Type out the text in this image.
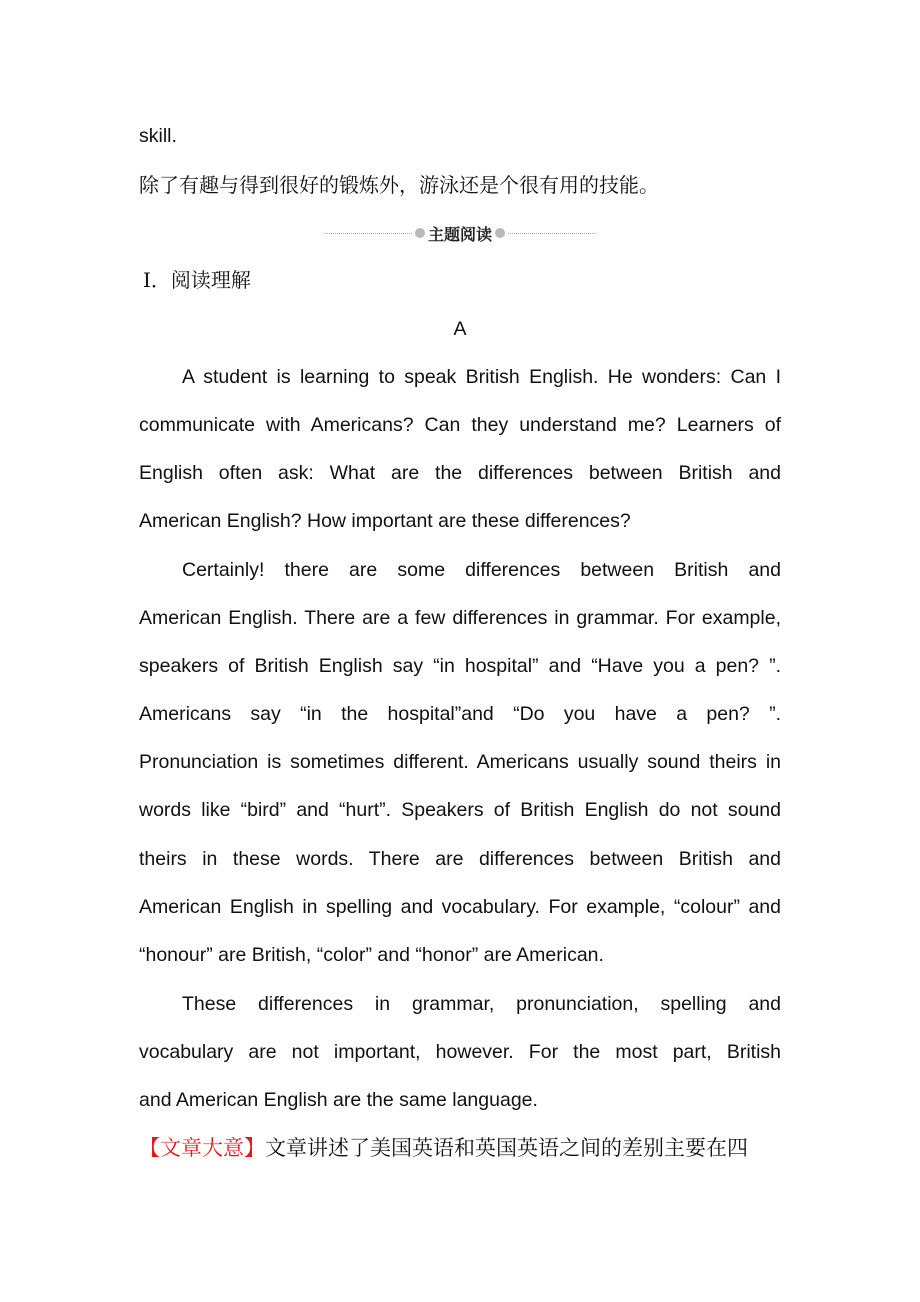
skill.
除了有趣与得到很好的锻炼外，游泳还是个很有用的技能。
主题阅读
Ⅰ．阅读理解
A
A student is learning to speak British English. He wonders: Can I
communicate with Americans? Can they understand me? Learners of
English often ask: What are the differences between British and
American English? How important are these differences?
Certainly! there are some differences between British and
American English. There are a few differences in grammar. For example,
speakers of British English say “in hospital” and “Have you a pen? ”.
Americans say “in the hospital”and “Do you have a pen? ”.
Pronunciation is sometimes different. Americans usually sound theirs in
words like “bird” and “hurt”. Speakers of British English do not sound
theirs in these words. There are differences between British and
American English in spelling and vocabulary. For example, “colour” and
“honour” are British, “color” and “honor” are American.
These differences in grammar, pronunciation, spelling and
vocabulary are not important, however. For the most part, British
and American English are the same language.
【文章大意】文章讲述了美国英语和英国英语之间的差别主要在四
